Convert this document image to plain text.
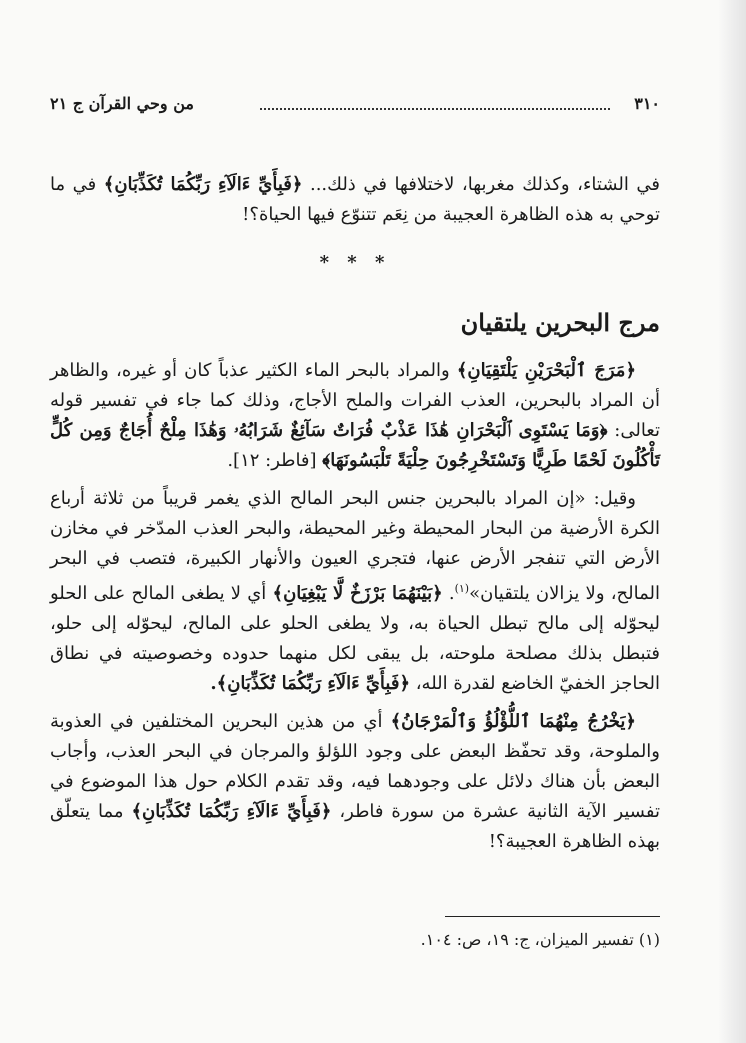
٣١٠
من وحي القرآن ج ٢١

في الشتاء، وكذلك مغربها، لاختلافها في ذلك... ﴿فَبِأَيِّ ءَالَآءِ رَبِّكُمَا تُكَذِّبَانِ﴾ في ما توحي به هذه الظاهرة العجيبة من نِعَم تتنوّع فيها الحياة؟!

* * *
مرج البحرين يلتقيان

﴿مَرَجَ ٱلْبَحْرَيْنِ يَلْتَقِيَانِ﴾ والمراد بالبحر الماء الكثير عذباً كان أو غيره، والظاهر أن المراد بالبحرين، العذب الفرات والملح الأجاج، وذلك كما جاء في تفسير قوله تعالى: ﴿وَمَا يَسْتَوِى ٱلْبَحْرَانِ هَٰذَا عَذْبٌ فُرَاتٌ سَآئِغٌ شَرَابُهُۥ وَهَٰذَا مِلْحٌ أُجَاجٌ وَمِن كُلٍّ تَأْكُلُونَ لَحْمًا طَرِيًّا وَتَسْتَخْرِجُونَ حِلْيَةً تَلْبَسُونَهَا﴾ [فاطر: ١٢].

وقيل: «إن المراد بالبحرين جنس البحر المالح الذي يغمر قريباً من ثلاثة أرباع الكرة الأرضية من البحار المحيطة وغير المحيطة، والبحر العذب المدّخر في مخازن الأرض التي تنفجر الأرض عنها، فتجري العيون والأنهار الكبيرة، فتصب في البحر المالح، ولا يزالان يلتقيان»$^{(١)}$. ﴿بَيْنَهُمَا بَرْزَخٌ لَّا يَبْغِيَانِ﴾ أي لا يطغى المالح على الحلو ليحوّله إلى مالح تبطل الحياة به، ولا يطغى الحلو على المالح، ليحوّله إلى حلو، فتبطل بذلك مصلحة ملوحته، بل يبقى لكل منهما حدوده وخصوصيته في نطاق الحاجز الخفيّ الخاضع لقدرة الله، ﴿فَبِأَيِّ ءَالَآءِ رَبِّكُمَا تُكَذِّبَانِ﴾.

﴿يَخْرُجُ مِنْهُمَا ٱللُّؤْلُؤُ وَٱلْمَرْجَانُ﴾ أي من هذين البحرين المختلفين في العذوبة والملوحة، وقد تحفّظ البعض على وجود اللؤلؤ والمرجان في البحر العذب، وأجاب البعض بأن هناك دلائل على وجودهما فيه، وقد تقدم الكلام حول هذا الموضوع في تفسير الآية الثانية عشرة من سورة فاطر، ﴿فَبِأَيِّ ءَالَآءِ رَبِّكُمَا تُكَذِّبَانِ﴾ مما يتعلّق بهذه الظاهرة العجيبة؟!

(١) تفسير الميزان، ج: ١٩، ص: ١٠٤.
